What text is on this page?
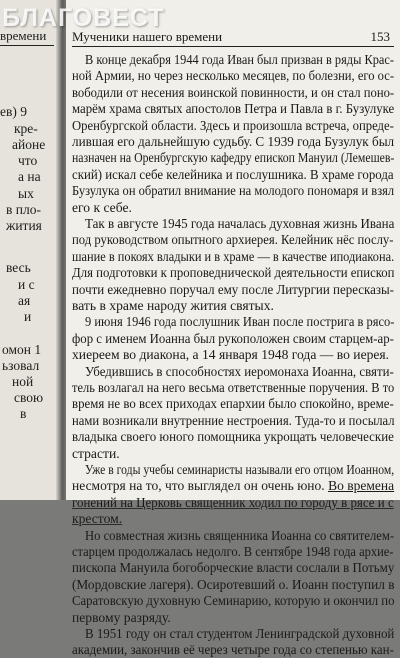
времени
ев) 9
кре-
айоне
что
а на
ых
в пло-
жития
весь
и с
ая
и
омон 1
ьзовал
ной
свою
в
Мученики нашего времени	153
В конце декабря 1944 года Иван был призван в ряды Крас-
ной Армии, но через несколько месяцев, по болезни, его ос-
вободили от несения воинской повинности, и он стал поно-
марём храма святых апостолов Петра и Павла в г. Бузулуке
Оренбургской области. Здесь и произошла встреча, опреде-
лившая его дальнейшую судьбу. С 1939 года Бузулук был
назначен на Оренбургскую кафедру епископ Мануил (Лемешев-
ский) искал себе келейника и послушника. В храме города
Бузулука он обратил внимание на молодого пономаря и взял
его к себе.
Так в августе 1945 года началась духовная жизнь Ивана
под руководством опытного архиерея. Келейник нёс послу-
шание в покоях владыки и в храме — в качестве иподиакона.
Для подготовки к проповеднической деятельности епископ
почти ежедневно поручал ему после Литургии пересказы-
вать в храме народу жития святых.
9 июня 1946 года послушник Иван после пострига в рясо-
фор с именем Иоанна был рукоположен своим старцем-ар-
хиереем во диакона, а 14 января 1948 года — во иерея.
Убедившись в способностях иеромонаха Иоанна, святи-
тель возлагал на него весьма ответственные поручения. В то
время не во всех приходах епархии было спокойно, време-
нами возникали внутренние нестроения. Туда-то и посылал
владыка своего юного помощника укрощать человеческие
страсти.
Уже в годы учебы семинаристы называли его отцом Иоанном,
несмотря на то, что выглядел он очень юно. Во времена
гонений на Церковь священник ходил по городу в рясе и с
крестом.
Но совместная жизнь священника Иоанна со святителем-
старцем продолжалась недолго. В сентябре 1948 года архие-
пископа Мануила богоборческие власти сослали в Потьму
(Мордовские лагеря). Осиротевший о. Иоанн поступил в
Саратовскую духовную Семинарию, которую и окончил по
первому разряду.
В 1951 году он стал студентом Ленинградской духовной
академии, закончив её через четыре года со степенью кан-
БЛАГОВЕСТ
